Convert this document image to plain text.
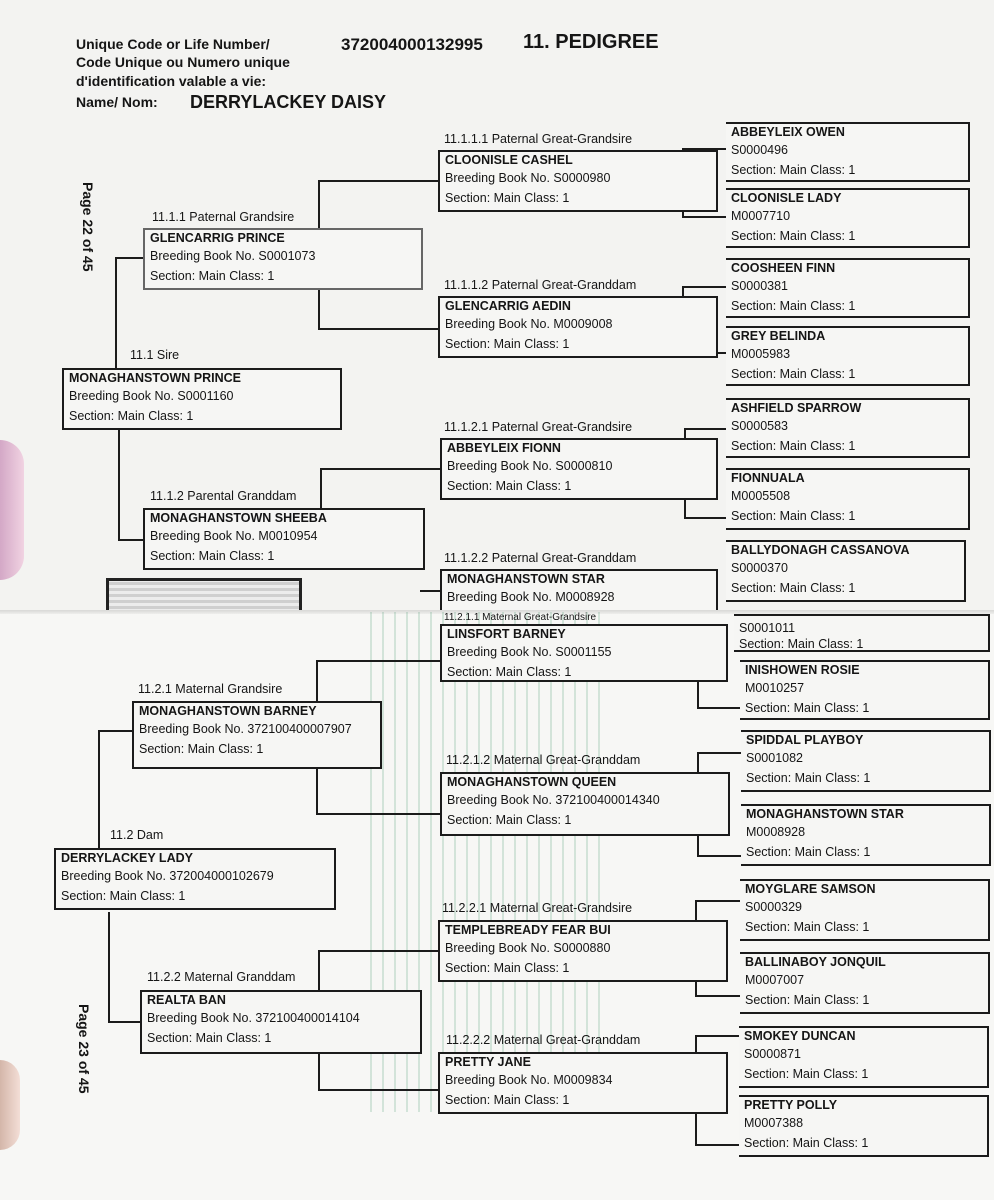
Unique Code or Life Number/
Code Unique ou Numero unique
d'identification valable a vie:
372004000132995 11. PEDIGREE
Name/ Nom: DERRYLACKEY DAISY
Page 22 of 45
11.1 Sire
MONAGHANSTOWN PRINCE
Breeding Book No. S0001160
Section: Main Class: 1
11.1.1 Paternal Grandsire
GLENCARRIG PRINCE
Breeding Book No. S0001073
Section: Main Class: 1
11.1.2 Parental Granddam
MONAGHANSTOWN SHEEBA
Breeding Book No. M0010954
Section: Main Class: 1
11.1.1.1 Paternal Great-Grandsire
CLOONISLE CASHEL
Breeding Book No. S0000980
Section: Main Class: 1
11.1.1.2 Paternal Great-Granddam
GLENCARRIG AEDIN
Breeding Book No. M0009008
Section: Main Class: 1
11.1.2.1 Paternal Great-Grandsire
ABBEYLEIX FIONN
Breeding Book No. S0000810
Section: Main Class: 1
11.1.2.2 Paternal Great-Granddam
MONAGHANSTOWN STAR
Breeding Book No. M0008928
ABBEYLEIX OWEN
S0000496
Section: Main Class: 1
CLOONISLE LADY
M0007710
Section: Main Class: 1
COOSHEEN FINN
S0000381
Section: Main Class: 1
GREY BELINDA
M0005983
Section: Main Class: 1
ASHFIELD SPARROW
S0000583
Section: Main Class: 1
FIONNUALA
M0005508
Section: Main Class: 1
BALLYDONAGH CASSANOVA
S0000370
Section: Main Class: 1
Page 23 of 45
11.2 Dam
DERRYLACKEY LADY
Breeding Book No. 372004000102679
Section: Main Class: 1
11.2.1 Maternal Grandsire
MONAGHANSTOWN BARNEY
Breeding Book No. 372100400007907
Section: Main Class: 1
11.2.2 Maternal Granddam
REALTA BAN
Breeding Book No. 372100400014104
Section: Main Class: 1
11.2.1.1 Maternal Great-Grandsire
LINSFORT BARNEY
Breeding Book No. S0001155
Section: Main Class: 1
11.2.1.2 Maternal Great-Granddam
MONAGHANSTOWN QUEEN
Breeding Book No. 372100400014340
Section: Main Class: 1
11.2.2.1 Maternal Great-Grandsire
TEMPLEBREADY FEAR BUI
Breeding Book No. S0000880
Section: Main Class: 1
11.2.2.2 Maternal Great-Granddam
PRETTY JANE
Breeding Book No. M0009834
Section: Main Class: 1
S0001011
Section: Main Class: 1
INISHOWEN ROSIE
M0010257
Section: Main Class: 1
SPIDDAL PLAYBOY
S0001082
Section: Main Class: 1
MONAGHANSTOWN STAR
M0008928
Section: Main Class: 1
MOYGLARE SAMSON
S0000329
Section: Main Class: 1
BALLINABOY JONQUIL
M0007007
Section: Main Class: 1
SMOKEY DUNCAN
S0000871
Section: Main Class: 1
PRETTY POLLY
M0007388
Section: Main Class: 1
